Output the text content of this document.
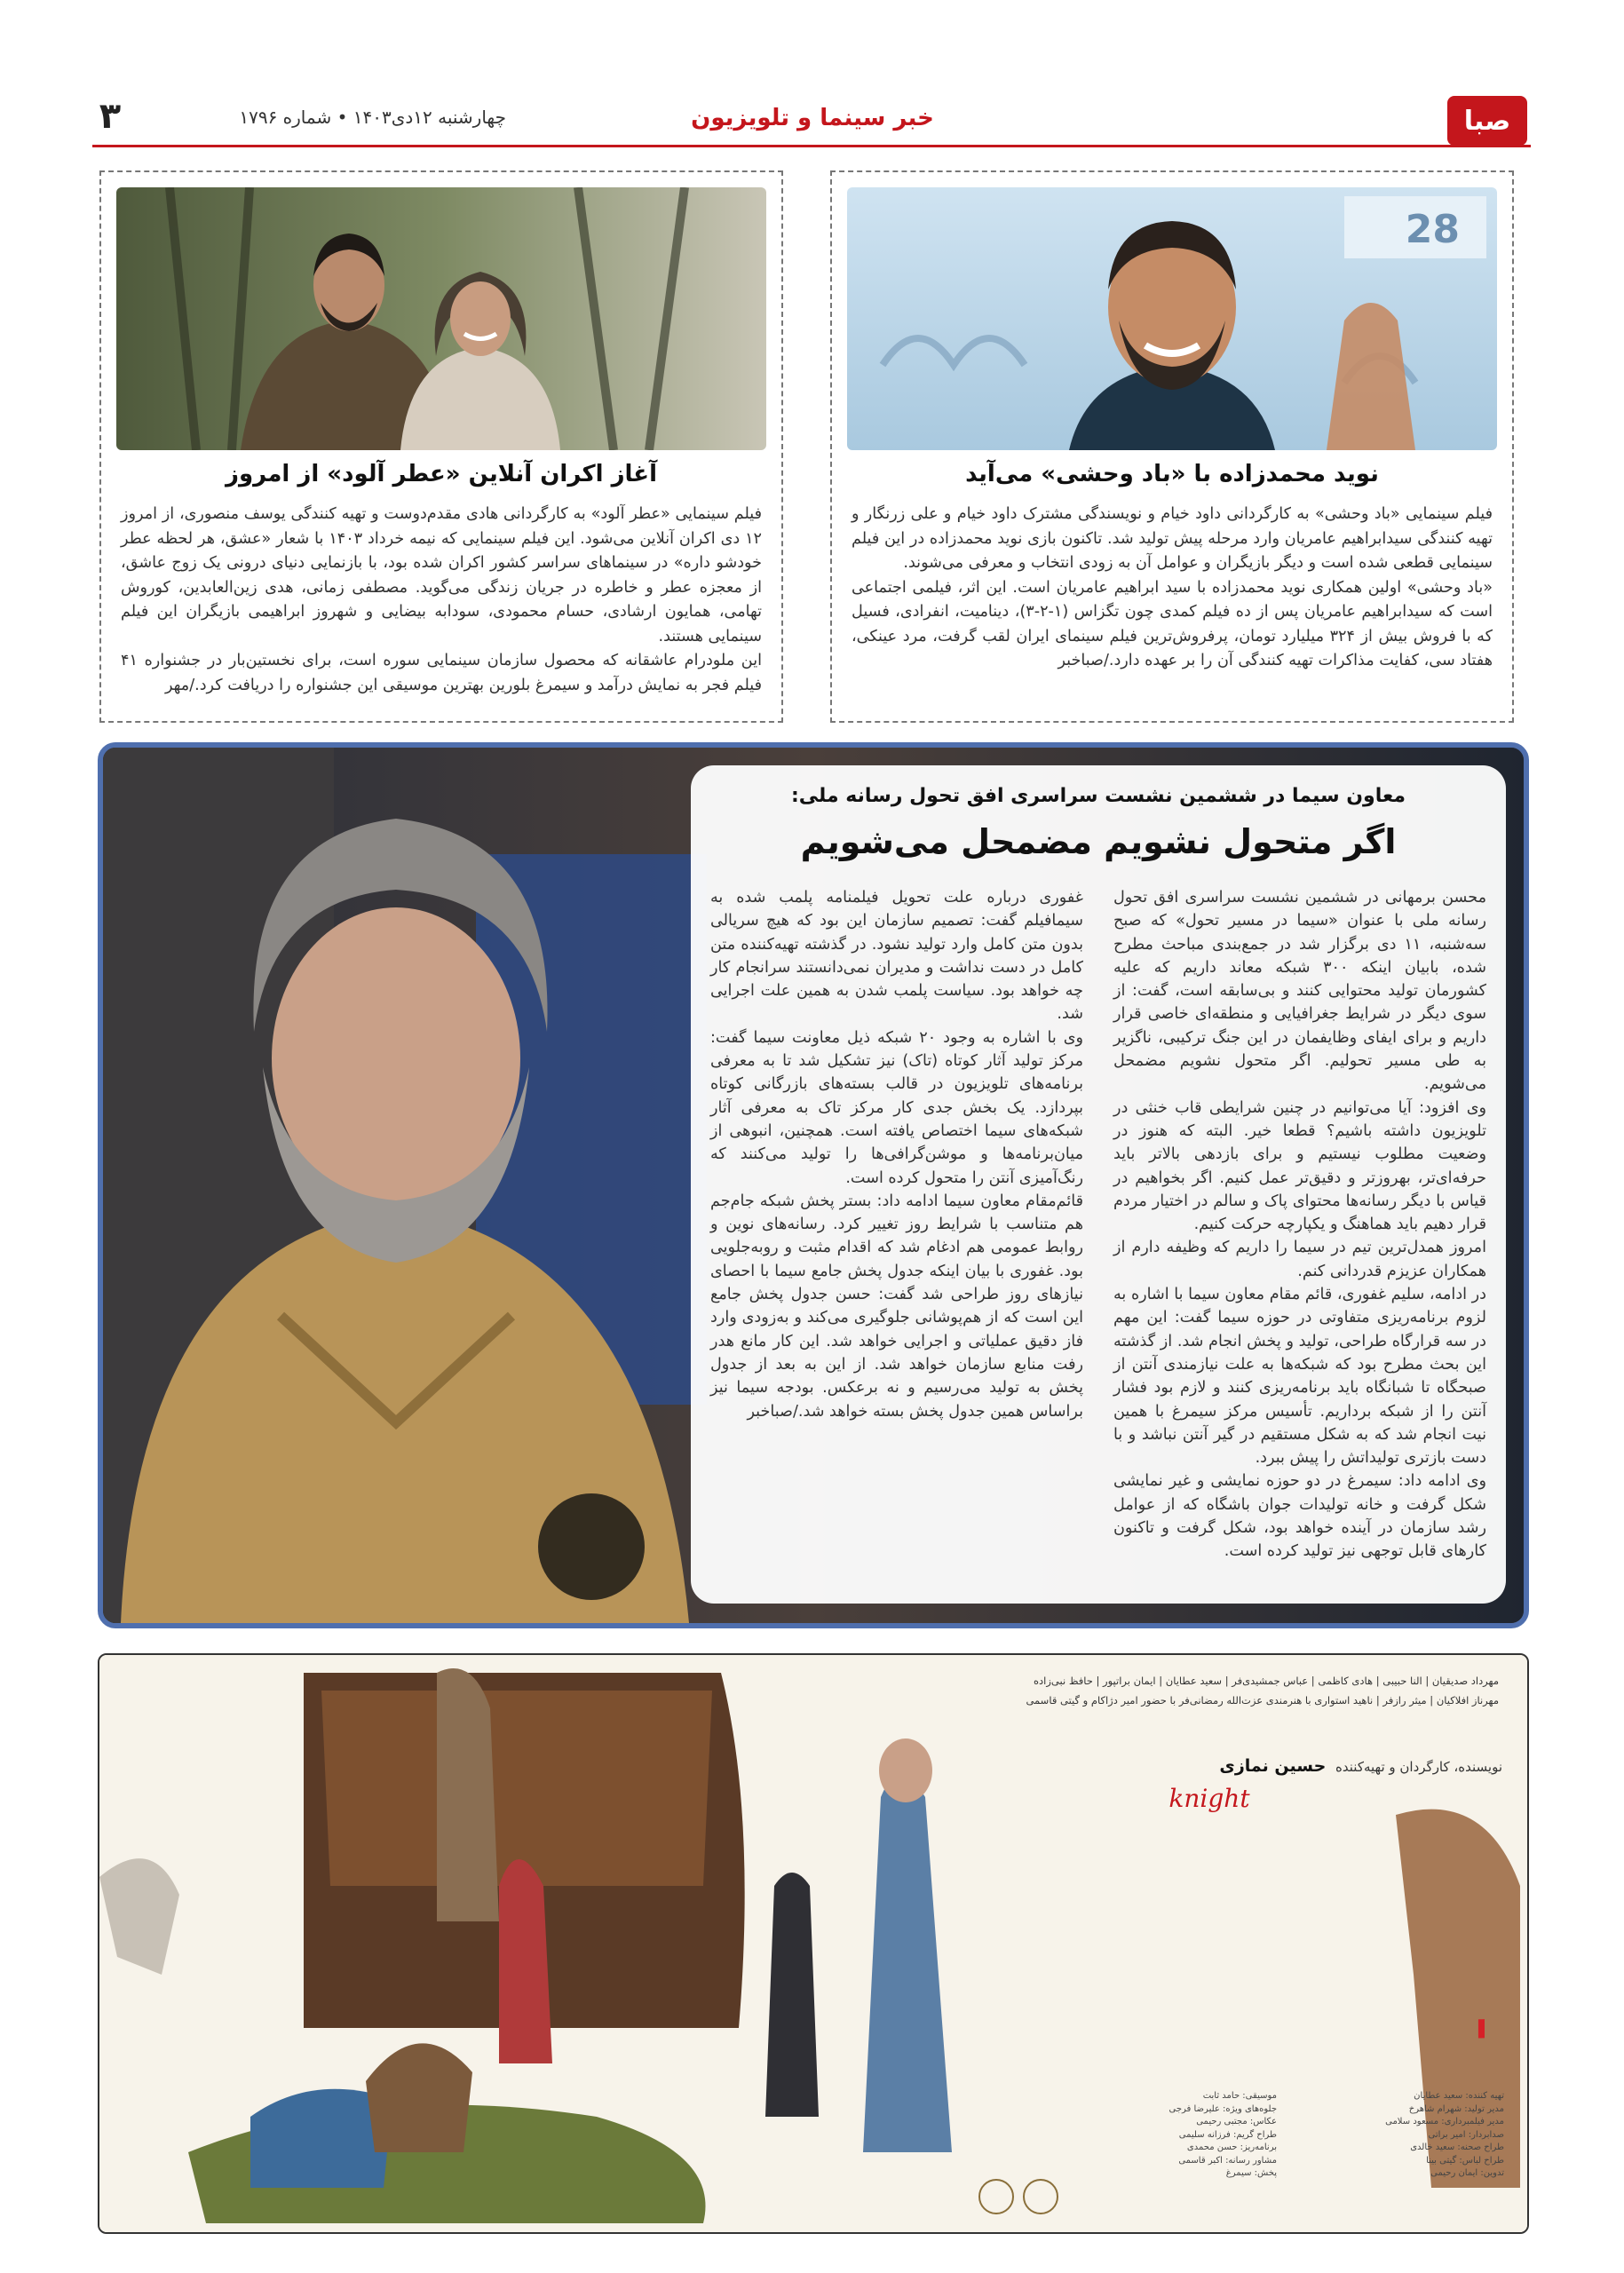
صبا
خبر سینما و تلویزیون
چهارشنبه ۱۲دی۱۴۰۳ • شماره ۱۷۹۶
۳
28
نوید محمدزاده با «باد وحشی» می‌آید

فیلم سینمایی «باد وحشی» به کارگردانی داود خیام و نویسندگی مشترک داود خیام و علی زرنگار و تهیه کنندگی سیدابراهیم عامریان وارد مرحله پیش تولید شد. تاکنون بازی نوید محمدزاده در این فیلم سینمایی قطعی شده است و دیگر بازیگران و عوامل آن به زودی انتخاب و معرفی می‌شوند.

«باد وحشی» اولین همکاری نوید محمدزاده با سید ابراهیم عامریان است. این اثر، فیلمی اجتماعی است که سیدابراهیم عامریان پس از ده فیلم کمدی چون تگزاس (۱-۲-۳)، دینامیت، انفرادی، فسیل که با فروش بیش از ۳۲۴ میلیارد تومان، پرفروش‌ترین فیلم سینمای ایران لقب گرفت، مرد عینکی، هفتاد سی، کفایت مذاکرات تهیه کنندگی آن را بر عهده دارد./صباخبر

آغاز اکران آنلاین «عطر آلود» از امروز

فیلم سینمایی «عطر آلود» به کارگردانی هادی مقدم‌دوست و تهیه کنندگی یوسف منصوری، از امروز ۱۲ دی اکران آنلاین می‌شود. این فیلم سینمایی که نیمه خرداد ۱۴۰۳ با شعار «عشق، هر لحظه عطر خودشو داره» در سینماهای سراسر کشور اکران شده بود، با بازنمایی دنیای درونی یک زوج عاشق، از معجزه عطر و خاطره در جریان زندگی می‌گوید. مصطفی زمانی، هدی زین‌العابدین، کوروش تهامی، همایون ارشادی، حسام محمودی، سودابه بیضایی و شهروز ابراهیمی بازیگران این فیلم سینمایی هستند.

این ملودرام عاشقانه که محصول سازمان سینمایی سوره است، برای نخستین‌بار در جشنواره ۴۱ فیلم فجر به نمایش درآمد و سیمرغ بلورین بهترین موسیقی این جشنواره را دریافت کرد./مهر

معاون سیما در ششمین نشست سراسری افق تحول رسانه ملی:
اگر متحول نشویم مضمحل می‌شویم

محسن برمهانی در ششمین نشست سراسری افق تحول رسانه ملی با عنوان «سیما در مسیر تحول» که صبح سه‌شنبه، ۱۱ دی برگزار شد در جمع‌بندی مباحث مطرح شده، بابیان اینکه ۳۰۰ شبکه معاند داریم که علیه کشورمان تولید محتوایی کنند و بی‌سابقه است، گفت: از سوی دیگر در شرایط جغرافیایی و منطقه‌ای خاصی قرار داریم و برای ایفای وظایفمان در این جنگ ترکیبی، ناگزیر به طی مسیر تحولیم. اگر متحول نشویم مضمحل می‌شویم.

وی افزود: آیا می‌توانیم در چنین شرایطی قاب خنثی در تلویزیون داشته باشیم؟ قطعا خیر. البته که هنوز در وضعیت مطلوب نیستیم و برای بازدهی بالاتر باید حرفه‌ای‌تر، بهروزتر و دقیق‌تر عمل کنیم. اگر بخواهیم در قیاس با دیگر رسانه‌ها محتوای پاک و سالم در اختیار مردم قرار دهیم باید هماهنگ و یکپارچه حرکت کنیم.

امروز همدل‌ترین تیم در سیما را داریم که وظیفه دارم از همکاران عزیزم قدردانی کنم.

در ادامه، سلیم غفوری، قائم مقام معاون سیما با اشاره به لزوم برنامه‌ریزی متفاوتی در حوزه سیما گفت: این مهم در سه قرارگاه طراحی، تولید و پخش انجام شد. از گذشته این بحث مطرح بود که شبکه‌ها به علت نیازمندی آنتن از صبحگاه تا شبانگاه باید برنامه‌ریزی کنند و لازم بود فشار آنتن را از شبکه برداریم. تأسیس مرکز سیمرغ با همین نیت انجام شد که به شکل مستقیم در گیر آنتن نباشد و با دست بازتری تولیداتش را پیش ببرد.

وی ادامه داد: سیمرغ در دو حوزه نمایشی و غیر نمایشی شکل گرفت و خانه تولیدات جوان باشگاه که از عوامل رشد سازمان در آینده خواهد بود، شکل گرفت و تاکنون کارهای قابل توجهی نیز تولید کرده است.

غفوری درباره علت تحویل فیلمنامه پلمب شده به سیمافیلم گفت: تصمیم سازمان این بود که هیچ سریالی بدون متن کامل وارد تولید نشود. در گذشته تهیه‌کننده متن کامل در دست نداشت و مدیران نمی‌دانستند سرانجام کار چه خواهد بود. سیاست پلمب شدن به همین علت اجرایی شد.

وی با اشاره به وجود ۲۰ شبکه ذیل معاونت سیما گفت: مرکز تولید آثار کوتاه (تاک) نیز تشکیل شد تا به معرفی برنامه‌های تلویزیون در قالب بسته‌های بازرگانی کوتاه بپردازد. یک بخش جدی کار مرکز تاک به معرفی آثار شبکه‌های سیما اختصاص یافته است. همچنین، انبوهی از میان‌برنامه‌ها و موشن‌گرافی‌ها را تولید می‌کنند که رنگ‌آمیزی آنتن را متحول کرده است.

قائم‌مقام معاون سیما ادامه داد: بستر پخش شبکه جام‌جم هم متناسب با شرایط روز تغییر کرد. رسانه‌های نوین و روابط عمومی هم ادغام شد که اقدام مثبت و روبه‌جلویی بود. غفوری با بیان اینکه جدول پخش جامع سیما با احصای نیازهای روز طراحی شد گفت: حسن جدول پخش جامع این است که از هم‌پوشانی جلوگیری می‌کند و به‌زودی وارد فاز دقیق عملیاتی و اجرایی خواهد شد. این کار مانع هدر رفت منابع سازمان خواهد شد. از این به بعد از جدول پخش به تولید می‌رسیم و نه برعکس. بودجه سیما نیز براساس همین جدول پخش بسته خواهد شد./صباخبر

مهرداد صدیقیان | النا حبیبی | هادی کاظمی | عباس جمشیدی‌فر | سعید عطایان | ایمان براتپور | حافظ نبی‌زاده
مهرناز افلاکیان | میثر رازفر | ناهید استواری با هنرمندی عزت‌الله رمضانی‌فر با حضور امیر دژاکام و گیتی قاسمی
نویسنده، کارگردان و تهیه‌کننده حسین نمازی
knight
تهیه کننده: سعید عطایان
مدیر تولید: شهرام شاهرخ
مدیر فیلمبرداری: مسعود سلامی
صدابردار: امیر براتی
طراح صحنه: سعید خالدی
طراح لباس: گیتی بینا
تدوین: ایمان رحیمی
موسیقی: حامد ثابت
جلوه‌های ویژه: علیرضا فرجی
عکاس: مجتبی رحیمی
طراح گریم: فرزانه سلیمی
برنامه‌ریز: حسن محمدی
مشاور رسانه: اکبر قاسمی
پخش: سیمرغ
